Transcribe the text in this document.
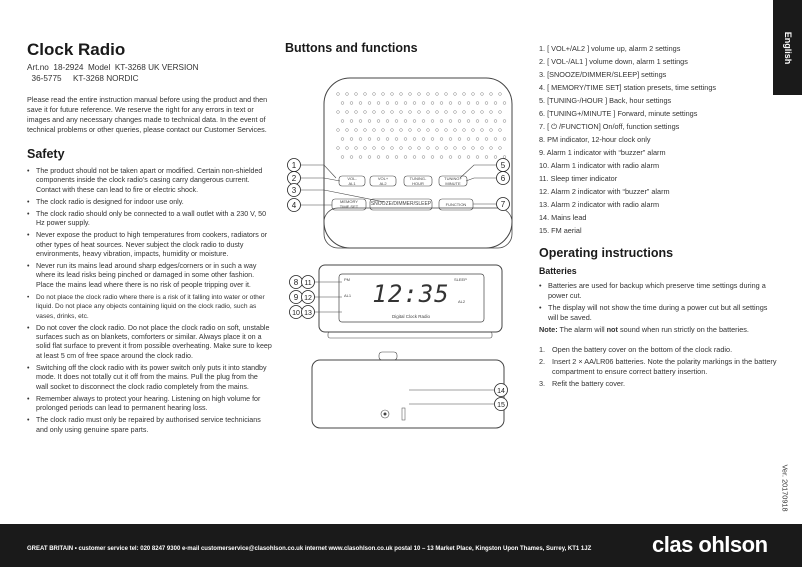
English
Clock Radio
Art.no  18-2924  Model  KT-3268 UK VERSION
36-5775     KT-3268 NORDIC
Please read the entire instruction manual before using the product and then save it for future reference. We reserve the right for any errors in text or images and any necessary changes made to technical data. In the event of technical problems or other queries, please contact our Customer Services.
Safety
• The product should not be taken apart or modified. Certain non-shielded components inside the clock radio’s casing carry dangerous current. Contact with these can lead to fire or electric shock.
• The clock radio is designed for indoor use only.
• The clock radio should only be connected to a wall outlet with a 230 V, 50 Hz power supply.
• Never expose the product to high temperatures from cookers, radiators or other types of heat sources. Never subject the clock radio to dusty environments, heavy vibration, impacts, humidity or moisture.
• Never run its mains lead around sharp edges/corners or in such a way where its lead risks being pinched or damaged in some other fashion. Place the mains lead where there is no risk of people tripping over it.
• Do not place the clock radio where there is a risk of it falling into water or other liquid. Do not place any objects containing liquid on the clock radio, such as vases, drinks, etc.
• Do not cover the clock radio. Do not place the clock radio on soft, unstable surfaces such as on blankets, comforters or similar. Always place it on a solid flat surface to prevent it from possible overheating. Make sure to keep at least 5 cm of free space around the clock radio.
• Switching off the clock radio with its power switch only puts it into standby mode. It does not totally cut it off from the mains. Pull the plug from the wall socket to disconnect the clock radio completely from the mains.
• Remember always to protect your hearing. Listening on high volume for prolonged periods can lead to permanent hearing loss.
• The clock radio must only be repaired by authorised service technicians and only using genuine spare parts.
Buttons and functions
1
2
3
4
5
6
7
8
9
10
11
12
13
14
15
VOL-
AL1
VOL+
AL2
TUNING-
HOUR
TUNING+
MINUTE
MEMORY
TIME SET	SNOOZE/DIMMER/SLEEP	FUNCTION
PM
AL1
SLEEP
AL2
12:35
Digital Clock Radio
1. [ VOL+/AL2 ] volume up, alarm 2 settings
2. [ VOL-/AL1 ] volume down, alarm 1 settings
3. [SNOOZE/DIMMER/SLEEP] settings
4. [ MEMORY/TIME SET] station presets, time settings
5. [TUNING-/HOUR ] Back, hour settings
6. [TUNING+/MINUTE ] Forward, minute settings
7. [ ⏻ /FUNCTION] On/off, function settings
8. PM indicator, 12-hour clock only
9. Alarm 1 indicator with “buzzer” alarm
10. Alarm 1 indicator with radio alarm
11. Sleep timer indicator
12. Alarm 2 indicator with “buzzer” alarm
13. Alarm 2 indicator with radio alarm
14. Mains lead
15. FM aerial
Operating instructions
Batteries
• Batteries are used for backup which preserve time settings during a power cut.
• The display will not show the time during a power cut but all settings will be saved.
Note: The alarm will not sound when run strictly on the batteries.
1. Open the battery cover on the bottom of the clock radio.
2. Insert 2 × AA/LR06 batteries. Note the polarity markings in the battery compartment to ensure correct battery insertion.
3. Refit the battery cover.
Ver. 20170918
GREAT BRITAIN • customer service tel: 020 8247 9300 e-mail customerservice@clasohlson.co.uk internet www.clasohlson.co.uk postal 10 – 13 Market Place, Kingston Upon Thames, Surrey, KT1 1JZ	clas ohlson
